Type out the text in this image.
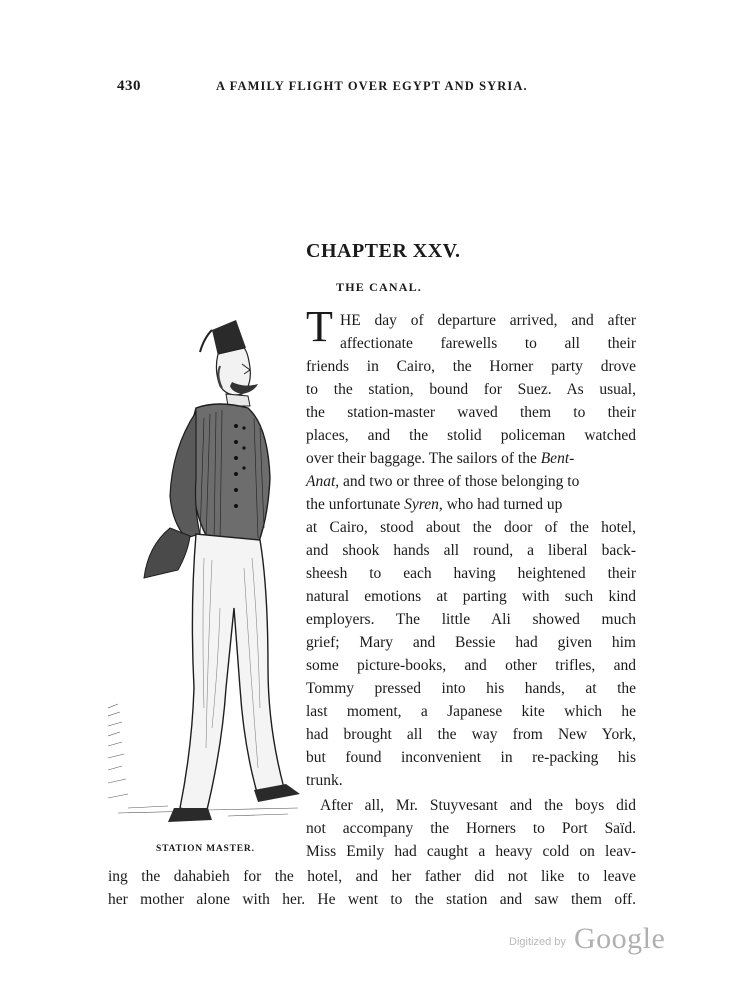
430	A FAMILY FLIGHT OVER EGYPT AND SYRIA.
CHAPTER XXV.
THE CANAL.
STATION MASTER.
T HE day of departure arrived, and after
affectionate farewells to all their
friends in Cairo, the Horner party drove
to the station, bound for Suez. As usual,
the station-master waved them to their
places, and the stolid policeman watched
over their baggage. The sailors of the Bent-
Anat, and two or three of those belonging to
the unfortunate Syren, who had turned up
at Cairo, stood about the door of the hotel,
and shook hands all round, a liberal back-
sheesh to each having heightened their
natural emotions at parting with such kind
employers. The little Ali showed much
grief; Mary and Bessie had given him
some picture-books, and other trifles, and
Tommy pressed into his hands, at the
last moment, a Japanese kite which he
had brought all the way from New York,
but found inconvenient in re-packing his
trunk.
After all, Mr. Stuyvesant and the boys did
not accompany the Horners to Port Saïd.
Miss Emily had caught a heavy cold on leav-
ing the dahabieh for the hotel, and her father did not like to leave
her mother alone with her. He went to the station and saw them off.
Digitized by Google
